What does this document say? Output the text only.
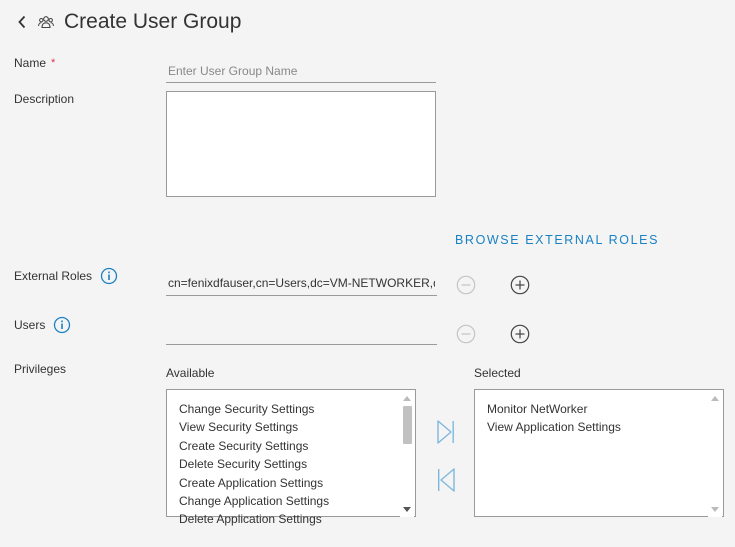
Create User Group
Name *
Enter User Group Name
Description
BROWSE EXTERNAL ROLES
External Roles
cn=fenixdfauser,cn=Users,dc=VM-NETWORKER,dc=com
Users
Privileges	Available
Change Security Settings
View Security Settings
Create Security Settings
Delete Security Settings
Create Application Settings
Change Application Settings
Delete Application Settings
Selected
Monitor NetWorker
View Application Settings
